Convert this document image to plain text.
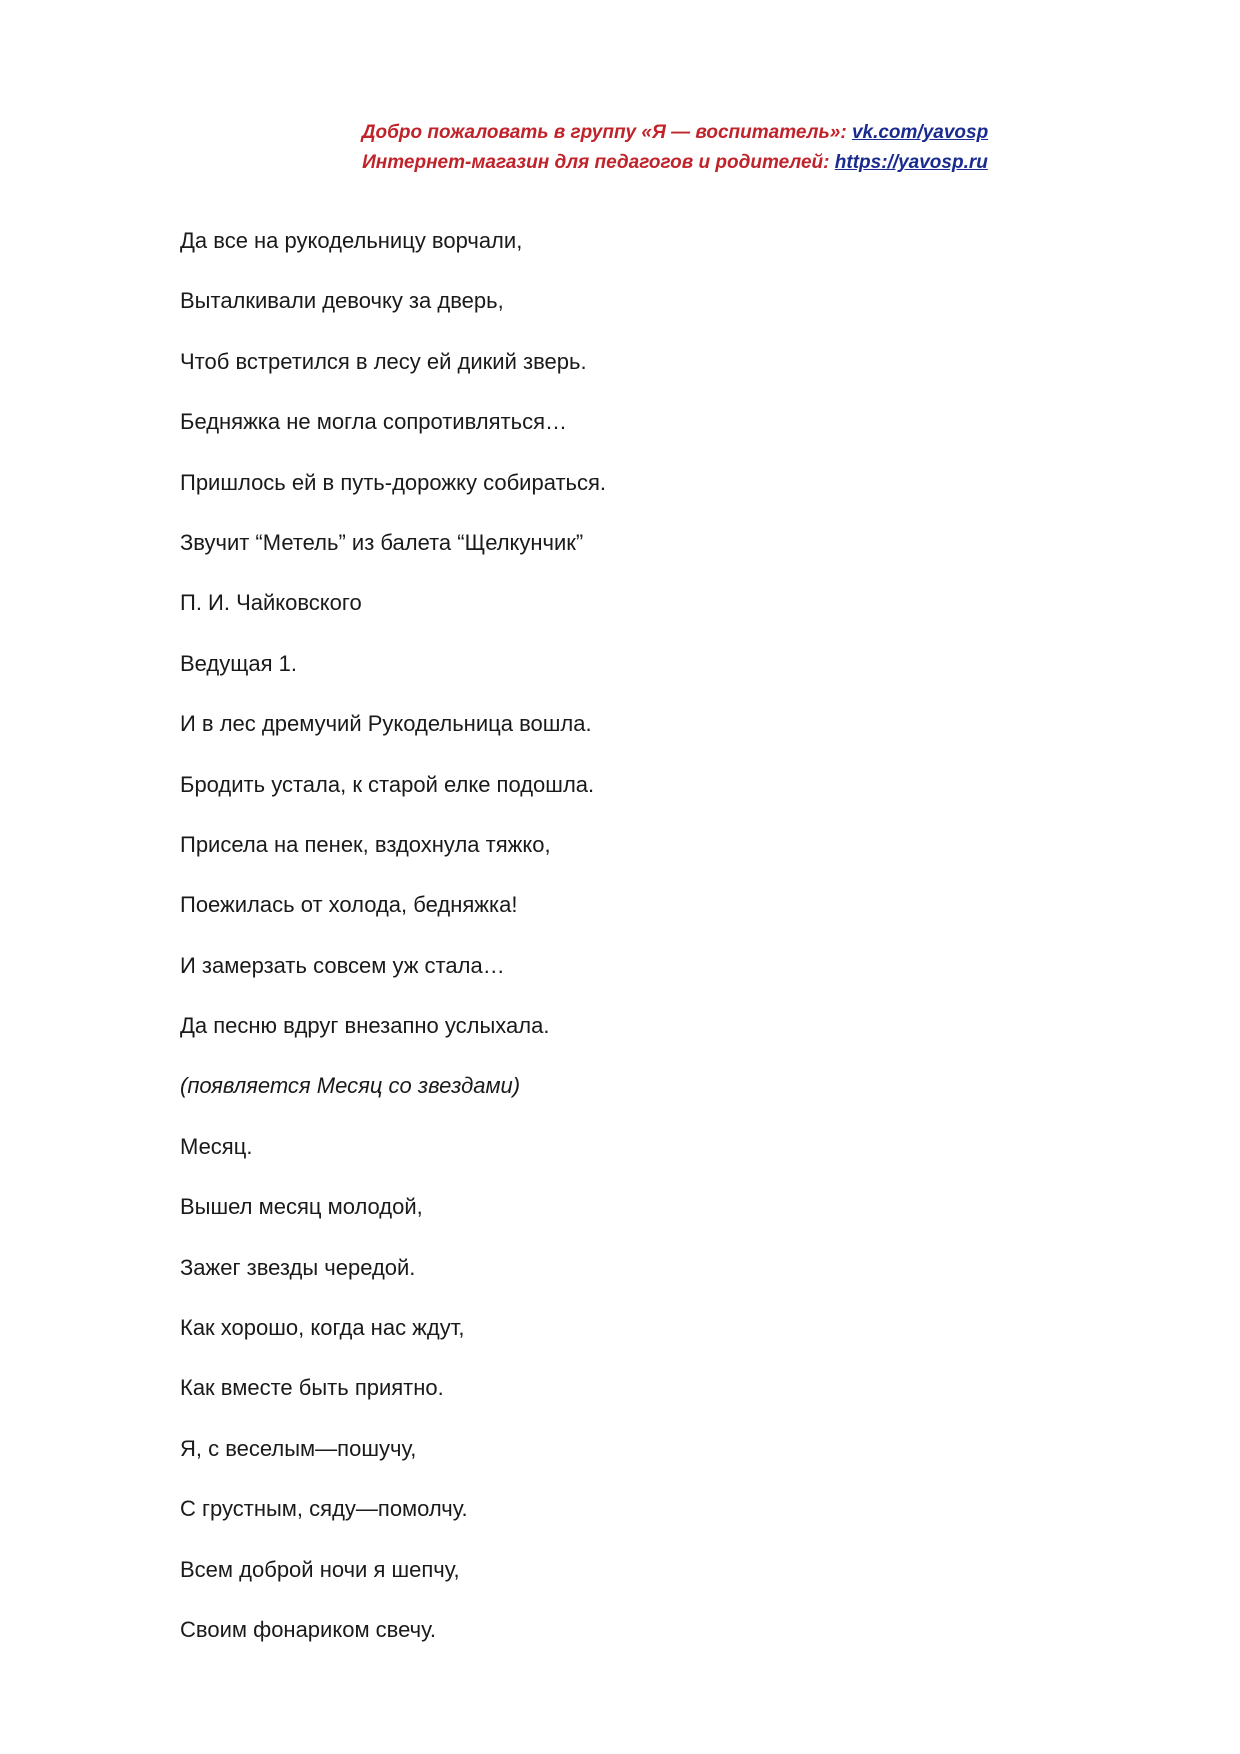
Добро пожаловать в группу «Я — воспитатель»: vk.com/yavosp
Интернет-магазин для педагогов и родителей: https://yavosp.ru
Да все на рукодельницу ворчали,
Выталкивали девочку за дверь,
Чтоб встретился в лесу ей дикий зверь.
Бедняжка не могла сопротивляться…
Пришлось ей в путь-дорожку собираться.
Звучит “Метель” из балета “Щелкунчик”
П. И. Чайковского
Ведущая 1.
И в лес дремучий Рукодельница вошла.
Бродить устала, к старой елке подошла.
Присела на пенек, вздохнула тяжко,
Поежилась от холода, бедняжка!
И замерзать совсем уж стала…
Да песню вдруг внезапно услыхала.
(появляется Месяц со звездами)
Месяц.
Вышел месяц молодой,
Зажег звезды чередой.
Как хорошо, когда нас ждут,
Как вместе быть приятно.
Я, с веселым—пошучу,
С грустным, сяду—помолчу.
Всем доброй ночи я шепчу,
Своим фонариком свечу.
